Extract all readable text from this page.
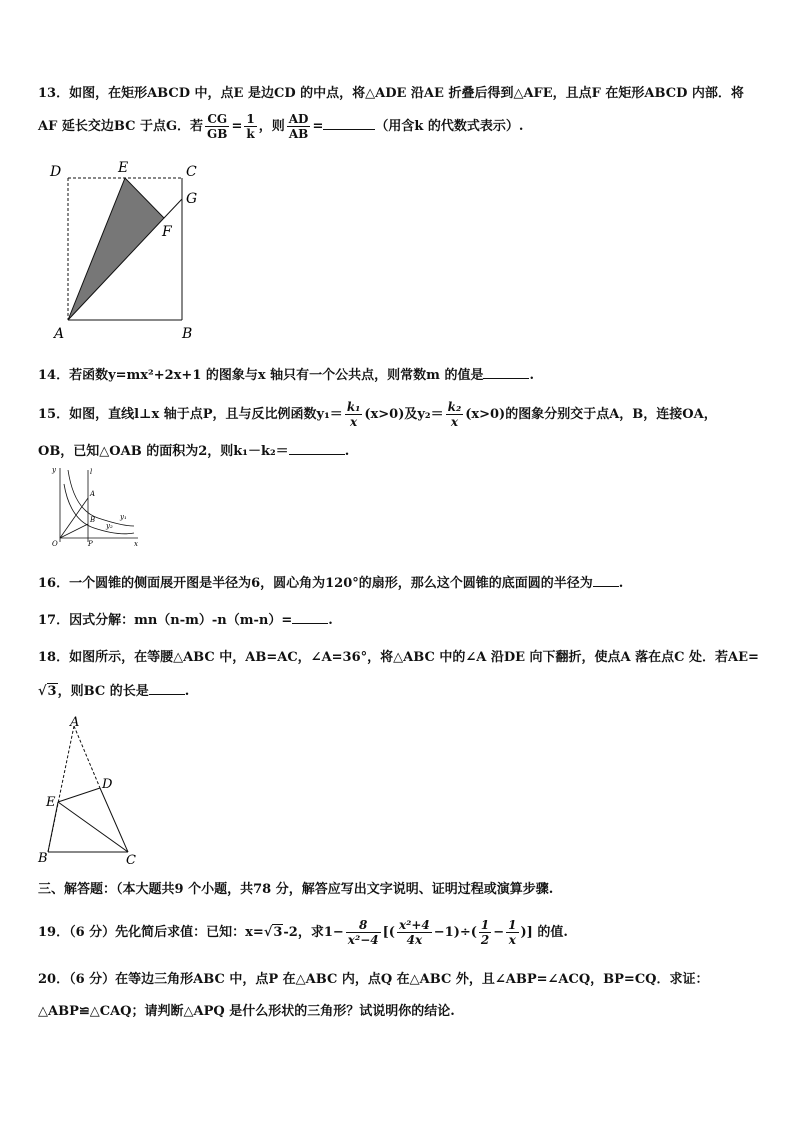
13．如图，在矩形ABCD 中，点E 是边CD 的中点，将△ADE 沿AE 折叠后得到△AFE，且点F 在矩形ABCD 内部．将
AF 延长交边BC 于点G．若 $\frac{CG}{GB} = \frac{1}{k}$ ，则 $\frac{AD}{AB}$ =	（用含k 的代数式表示）.
D	E	C
G
F
A	B
14．若函数y=mx²+2x+1 的图象与x 轴只有一个公共点，则常数m 的值是	.
15．如图，直线l⊥x 轴于点P，且与反比例函数$y_1= \frac{\text{k₁}}{x} (x>0)$及$y_2= \frac{\text{k₂}}{x} (x>0)$的图象分别交于点A，B，连接OA，
OB，已知△OAB 的面积为2，则k₁－k₂＝	.
y	l
A
B	y₁
y₂
O	P	x
16．一个圆锥的侧面展开图是半径为6，圆心角为120°的扇形，那么这个圆锥的底面圆的半径为 .
17．因式分解：mn（n-m）-n（m-n）=	.
18．如图所示，在等腰△ABC 中，AB=AC，∠A=36°，将△ABC 中的∠A 沿DE 向下翻折，使点A 落在点C 处．若AE=
√3，则BC 的长是	.
A
D
E
B	C
三、解答题：（本大题共9 个小题，共78 分，解答应写出文字说明、证明过程或演算步骤.
19．（6 分）先化简后求值：已知：x=√3-2，求$1- \frac{8}{\text{x²−4}}$ [( $\frac{\text{x²+4}}{4x} -1)\div( \frac{1}{2} - \frac{1}{x}$ )] 的值.
20．（6 分）在等边三角形ABC 中，点P 在△ABC 内，点Q 在△ABC 外，且∠ABP=∠ACQ，BP=CQ．求证：
△ABP≌△CAQ；请判断△APQ 是什么形状的三角形？试说明你的结论.
